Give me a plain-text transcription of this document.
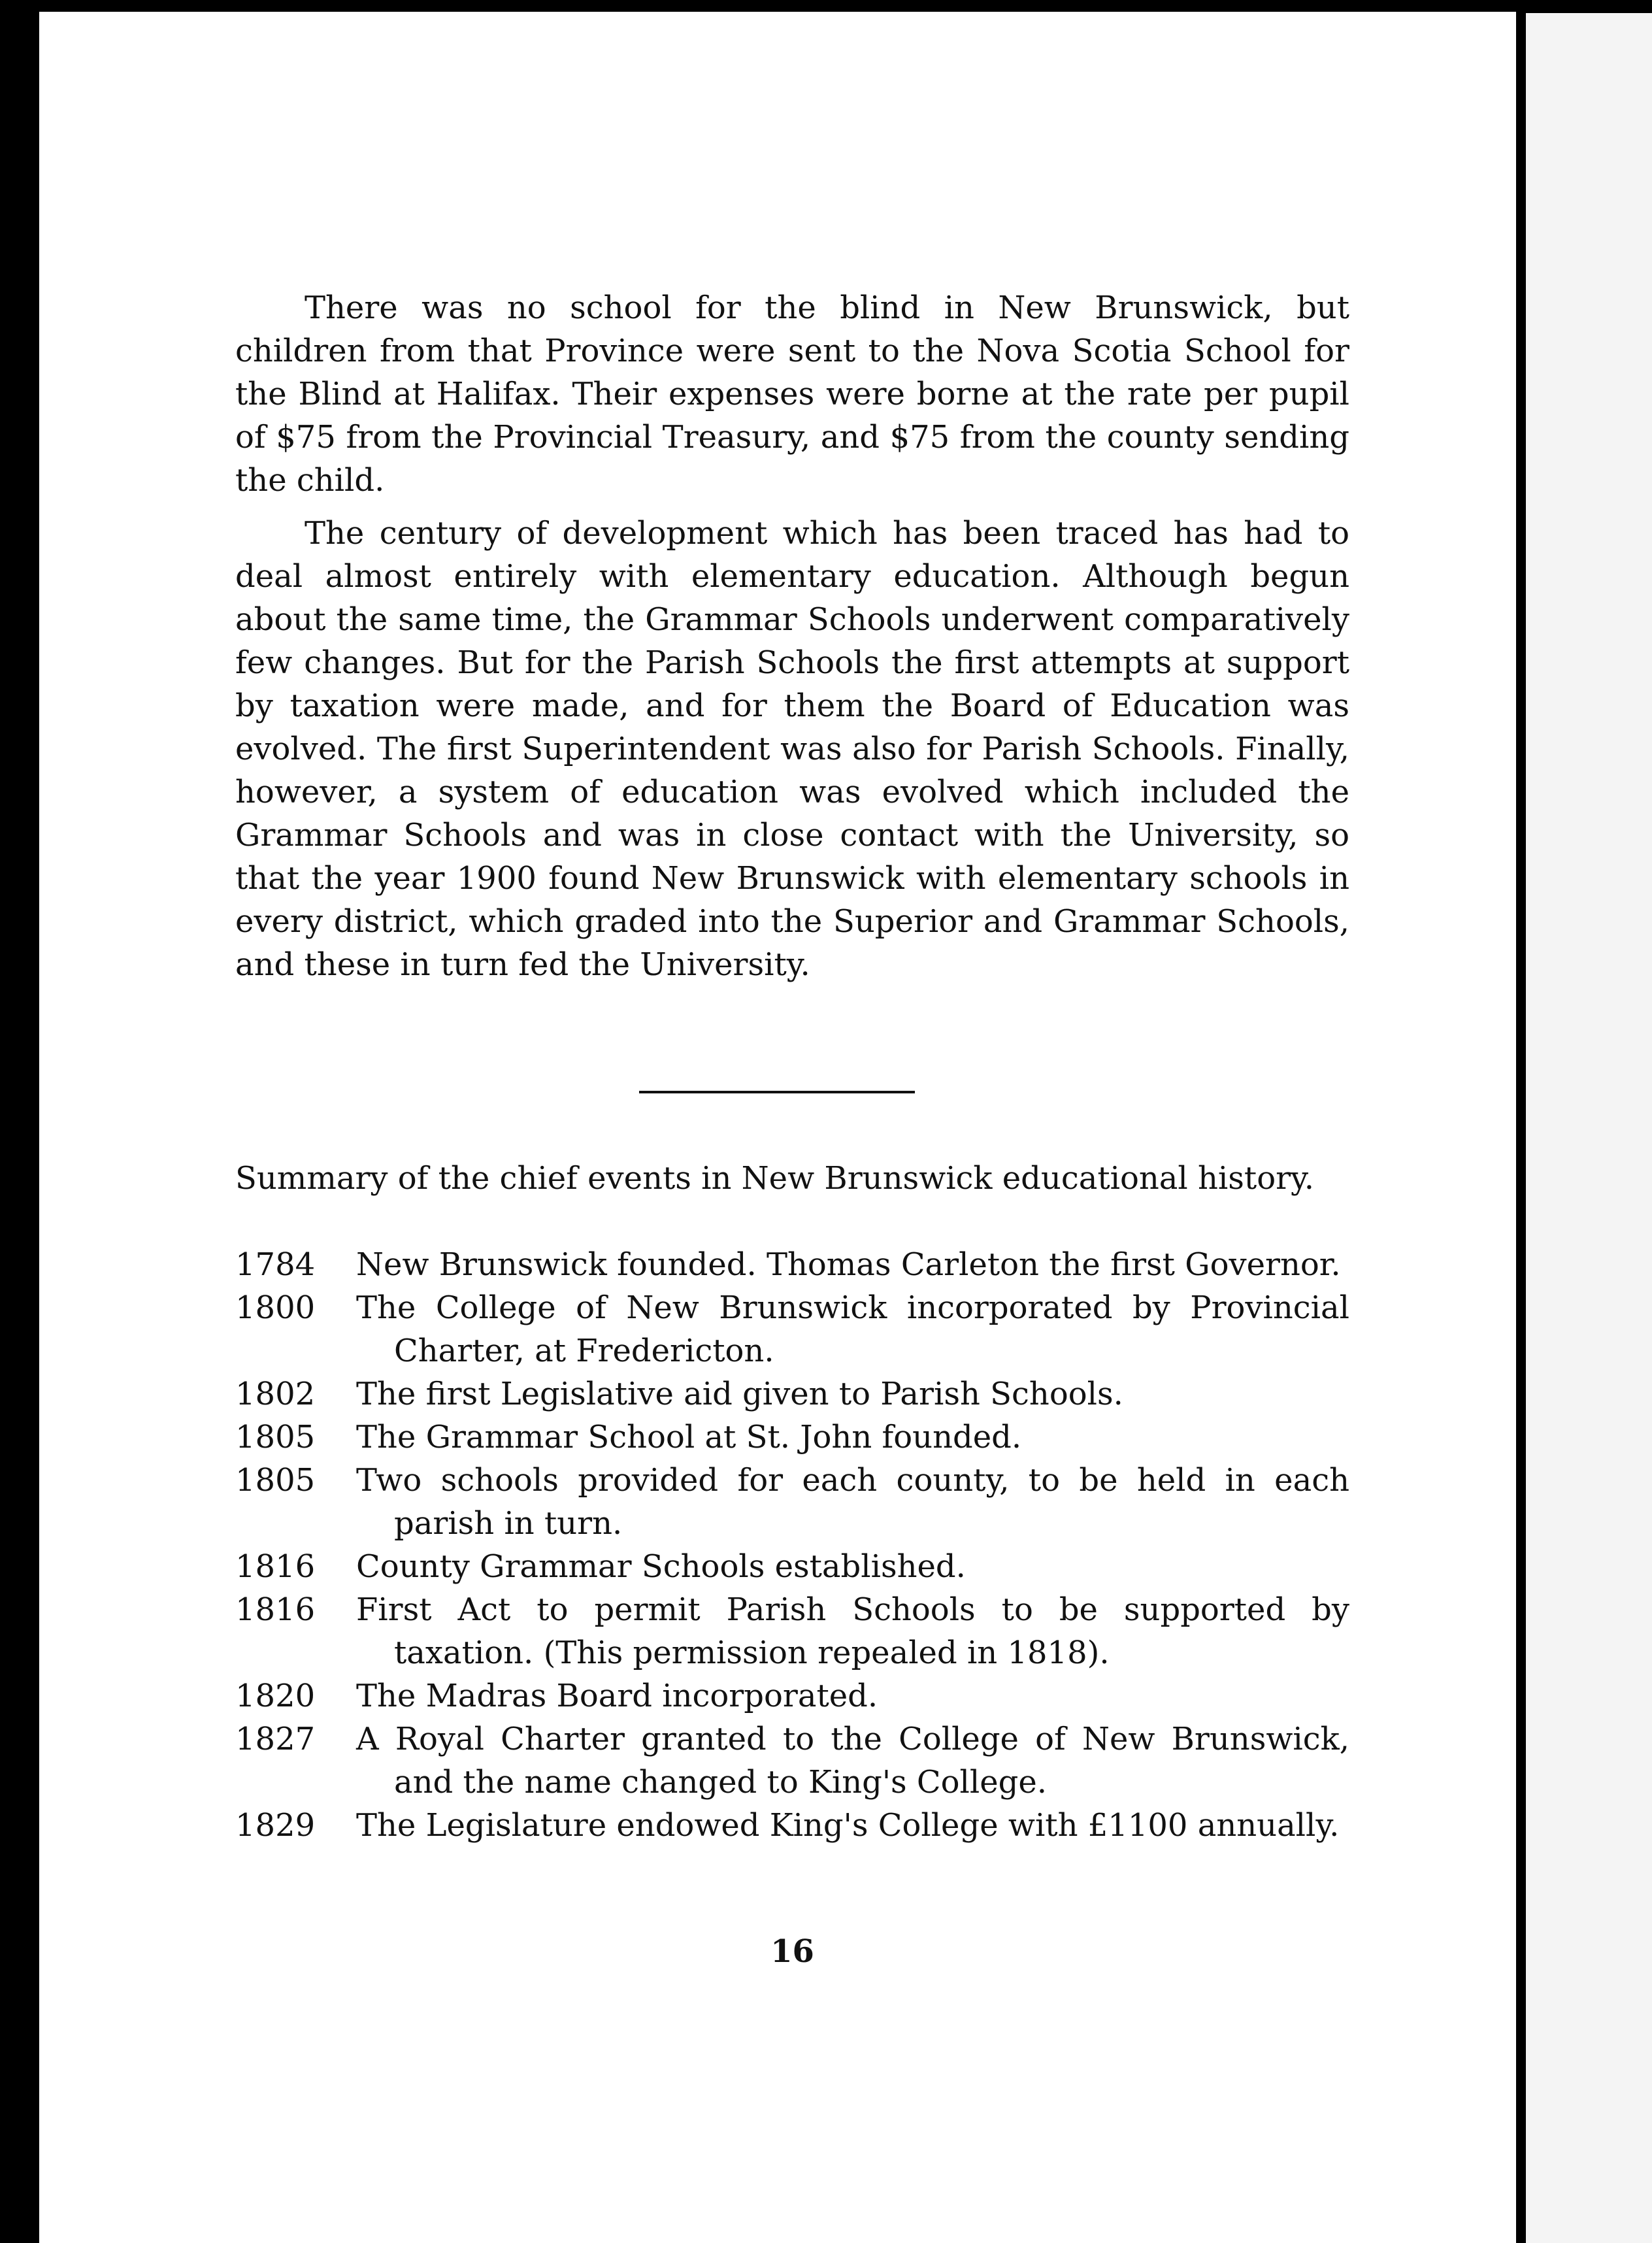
There was no school for the blind in New Brunswick, but children from that Province were sent to the Nova Scotia School for the Blind at Halifax. Their expenses were borne at the rate per pupil of $75 from the Provincial Treasury, and $75 from the county sending the child.

The century of development which has been traced has had to deal almost entirely with elementary education. Although begun about the same time, the Grammar Schools underwent comparatively few changes. But for the Parish Schools the first attempts at support by taxation were made, and for them the Board of Education was evolved. The first Superintendent was also for Parish Schools. Finally, however, a system of education was evolved which included the Grammar Schools and was in close contact with the University, so that the year 1900 found New Brunswick with elementary schools in every district, which graded into the Superior and Grammar Schools, and these in turn fed the University.

Summary of the chief events in New Brunswick educational history.

1784	New Brunswick founded. Thomas Carleton the first Governor.
1800	The College of New Brunswick incorporated by Provincial Charter, at Fredericton.
1802	The first Legislative aid given to Parish Schools.
1805	The Grammar School at St. John founded.
1805	Two schools provided for each county, to be held in each parish in turn.
1816	County Grammar Schools established.
1816	First Act to permit Parish Schools to be supported by taxation. (This permission repealed in 1818).
1820	The Madras Board incorporated.
1827	A Royal Charter granted to the College of New Brunswick, and the name changed to King's College.
1829	The Legislature endowed King's College with £1100 annually.
16
